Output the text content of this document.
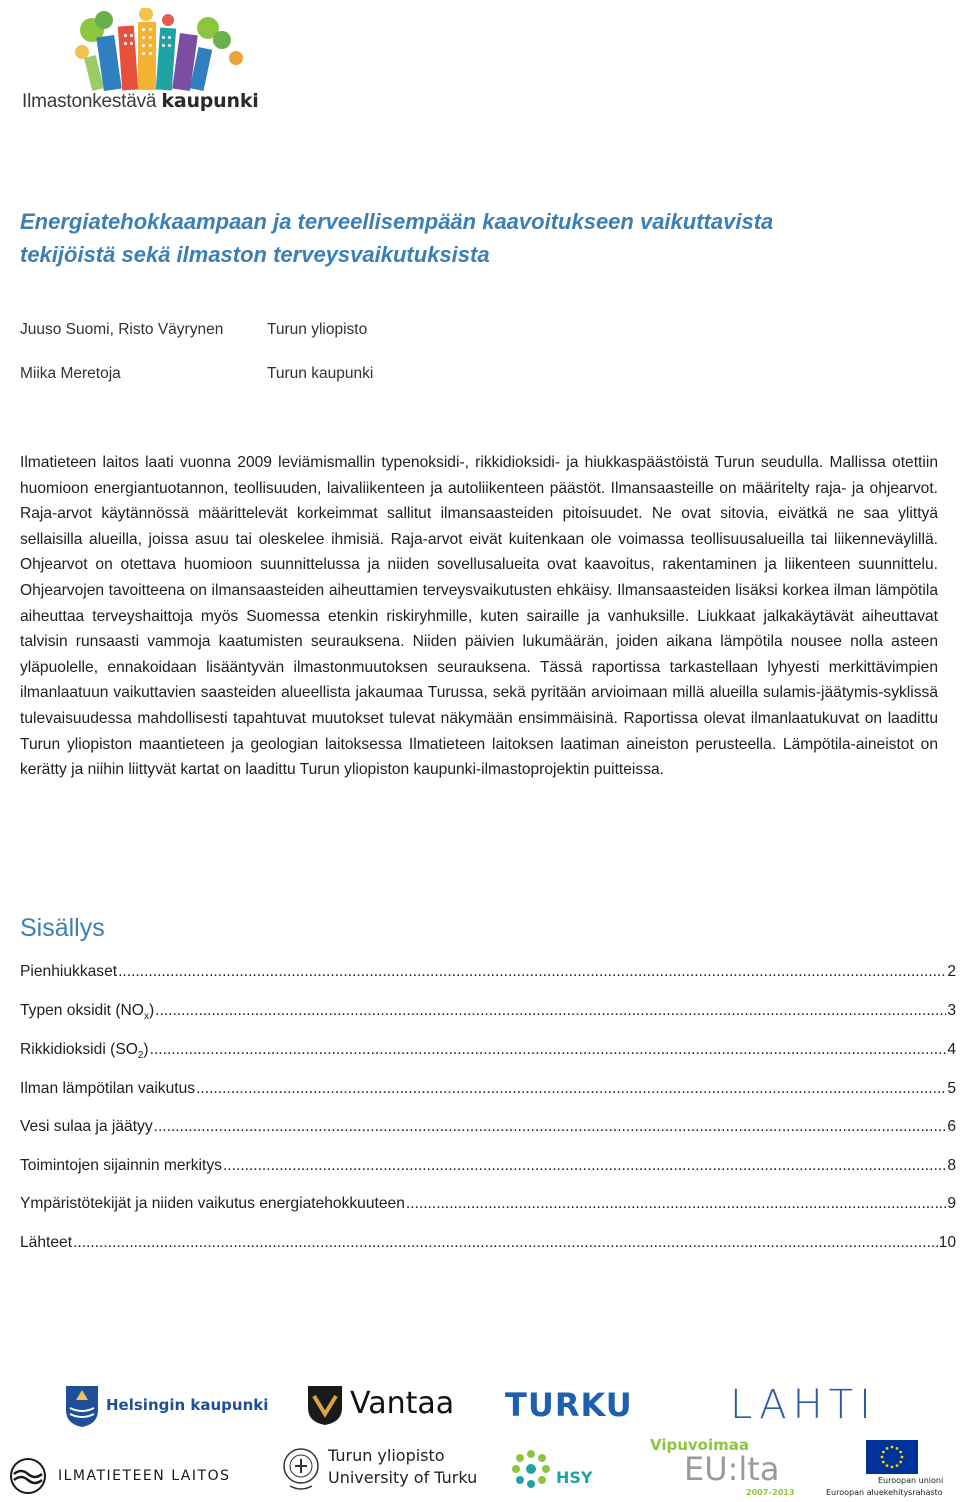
Ilmastonkestävä kaupunki
Energiatehokkaampaan ja terveellisempään kaavoitukseen vaikuttavista
tekijöistä sekä ilmaston terveysvaikutuksista
Juuso Suomi, Risto Väyrynen	Turun yliopisto
Miika Meretoja	Turun kaupunki
Ilmatieteen laitos laati vuonna 2009 leviämismallin typenoksidi-, rikkidioksidi- ja hiukkaspäästöistä Turun seudulla. Mallissa otettiin huomioon energiantuotannon, teollisuuden, laivaliikenteen ja autoliikenteen päästöt. Ilmansaasteille on määritelty raja- ja ohjearvot. Raja-arvot käytännössä määrittelevät korkeimmat sallitut ilmansaasteiden pitoisuudet. Ne ovat sitovia, eivätkä ne saa ylittyä sellaisilla alueilla, joissa asuu tai oleskelee ihmisiä. Raja-arvot eivät kuitenkaan ole voimassa teollisuusalueilla tai liikenneväylillä. Ohjearvot on otettava huomioon suunnittelussa ja niiden sovellusalueita ovat kaavoitus, rakentaminen ja liikenteen suunnittelu. Ohjearvojen tavoitteena on ilmansaasteiden aiheuttamien terveysvaikutusten ehkäisy. Ilmansaasteiden lisäksi korkea ilman lämpötila aiheuttaa terveyshaittoja myös Suomessa etenkin riskiryhmille, kuten sairaille ja vanhuksille. Liukkaat jalkakäytävät aiheuttavat talvisin runsaasti vammoja kaatumisten seurauksena. Niiden päivien lukumäärän, joiden aikana lämpötila nousee nolla asteen yläpuolelle, ennakoidaan lisääntyvän ilmastonmuutoksen seurauksena. Tässä raportissa tarkastellaan lyhyesti merkittävimpien ilmanlaatuun vaikuttavien saasteiden alueellista jakaumaa Turussa, sekä pyritään arvioimaan millä alueilla sulamis-jäätymis-syklissä tulevaisuudessa mahdollisesti tapahtuvat muutokset tulevat näkymään ensimmäisinä. Raportissa olevat ilmanlaatukuvat on laadittu Turun yliopiston maantieteen ja geologian laitoksessa Ilmatieteen laitoksen laatiman aineiston perusteella. Lämpötila-aineistot on kerätty ja niihin liittyvät kartat on laadittu Turun yliopiston kaupunki-ilmastoprojektin puitteissa.
Sisällys
Pienhiukkaset .....	2
Typen oksidit $(NO_x)$ .....	3
Rikkidioksidi $(SO_2)$ .....	4
Ilman lämpötilan vaikutus .....	5
Vesi sulaa ja jäätyy .....	6
Toimintojen sijainnin merkitys .....	8
Ympäristötekijät ja niiden vaikutus energiatehokkuuteen .....	9
Lähteet .....	10
Helsingin kaupunki	Vantaa TURKU LAHTI
ILMATIETEEN LAITOS
Turun yliopisto
University of Turku	HSY
Vipuvoimaa
EU:lta
2007–2013
Euroopan unioni
Euroopan aluekehitysrahasto
